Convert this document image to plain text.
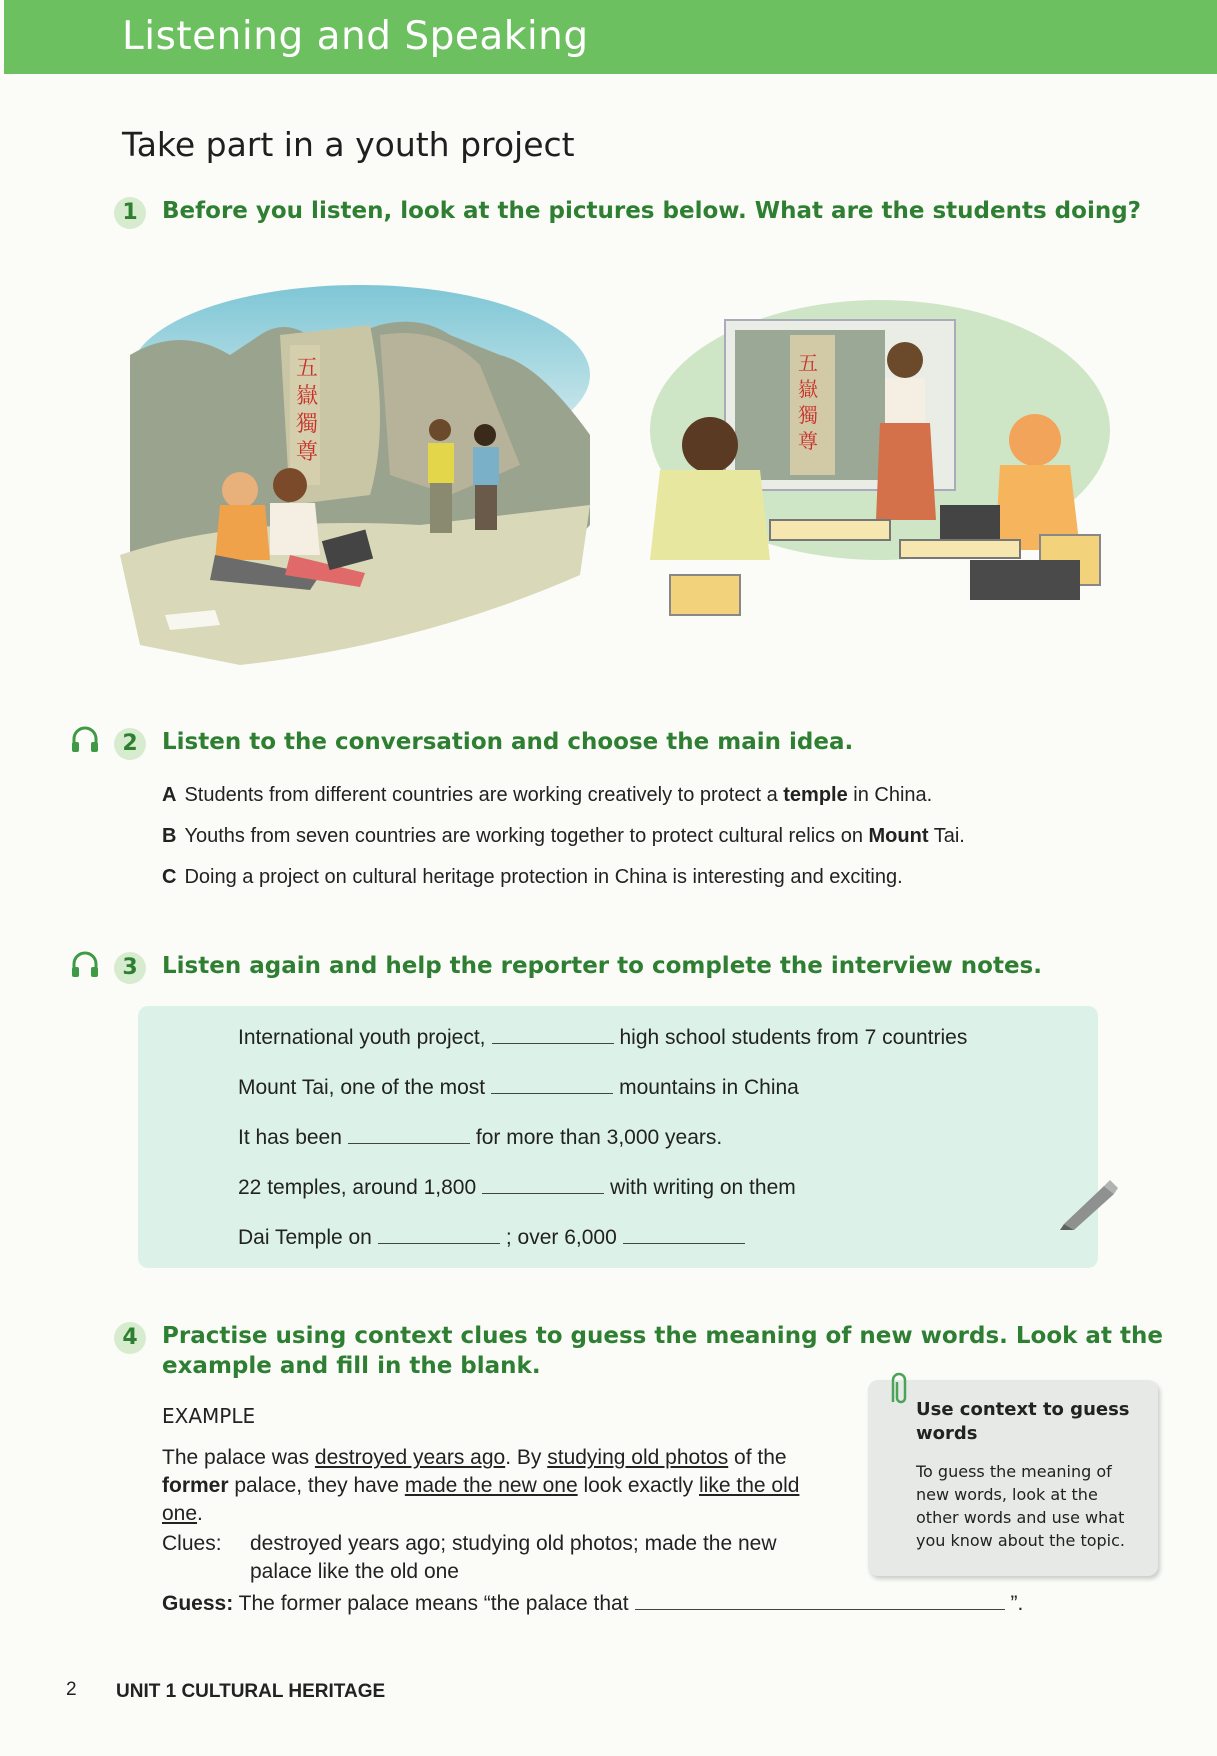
Listening and Speaking
Take part in a youth project
1	Before you listen, look at the pictures below. What are the students doing?
五
嶽
獨
尊
五
嶽
獨
尊
2	Listen to the conversation and choose the main idea.
A Students from different countries are working creatively to protect a temple in China.
B Youths from seven countries are working together to protect cultural relics on Mount Tai.
C Doing a project on cultural heritage protection in China is interesting and exciting.
3	Listen again and help the reporter to complete the interview notes.
International youth project,	high school students from 7 countries
Mount Tai, one of the most	mountains in China
It has been	for more than 3,000 years.
22 temples, around 1,800	with writing on them
Dai Temple on	; over 6,000
4	Practise using context clues to guess the meaning of new words. Look at the
example and fill in the blank.
EXAMPLE
The palace was destroyed years ago. By studying old photos of the former palace, they have made the new one look exactly like the old one.
Clues:	destroyed years ago; studying old photos; made the new palace like the old one
Guess: The former palace means “the palace that	”.
Use context to guess words
To guess the meaning of new words, look at the other words and use what you know about the topic.
2 UNIT 1 CULTURAL HERITAGE
